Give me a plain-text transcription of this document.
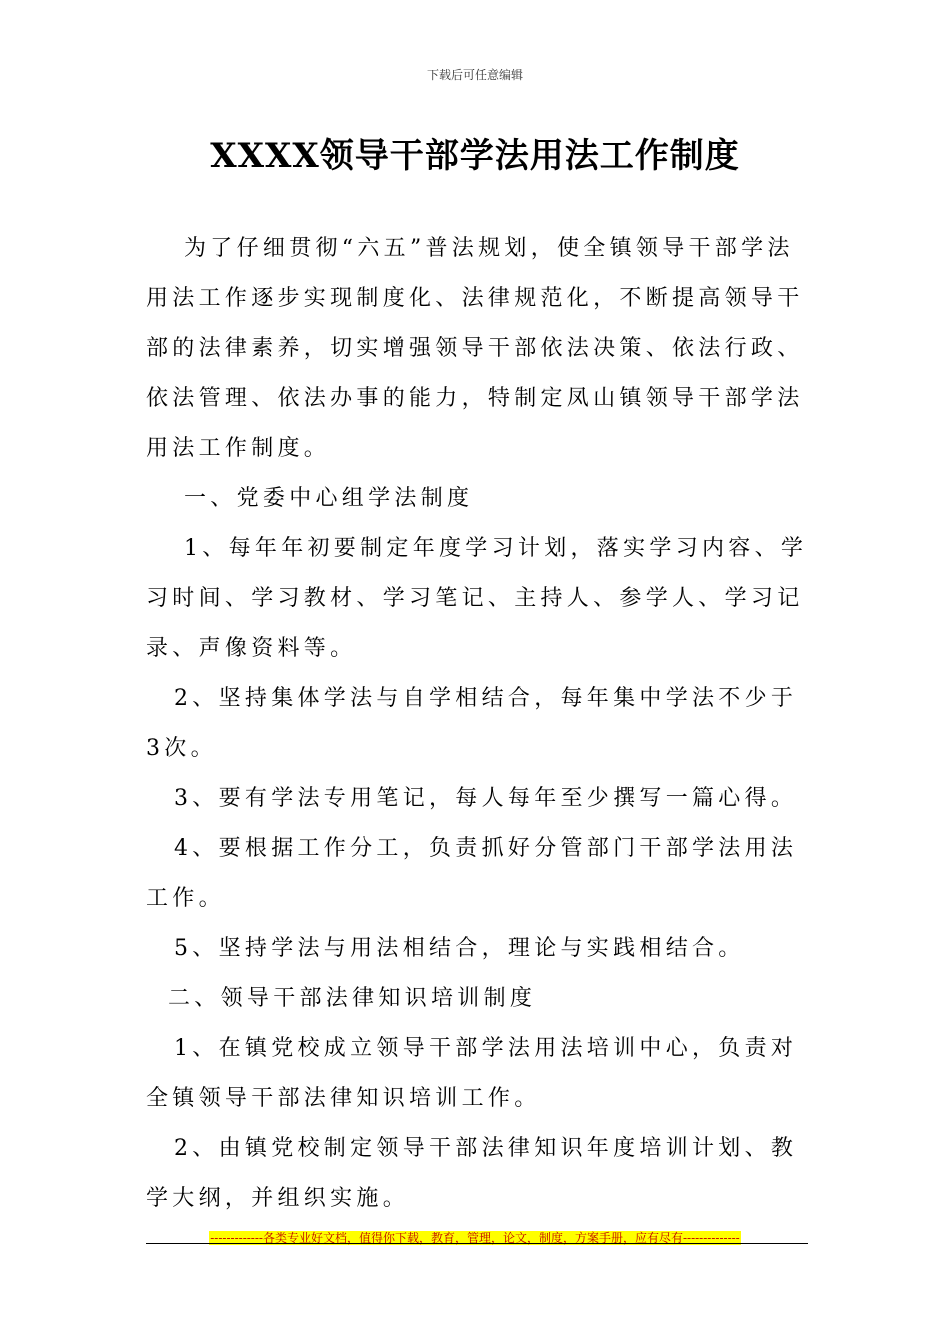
下载后可任意编辑
XXXX领导干部学法用法工作制度

为了仔细贯彻“六五”普法规划，使全镇领导干部学法用法工作逐步实现制度化、法律规范化，不断提高领导干部的法律素养，切实增强领导干部依法决策、依法行政、依法管理、依法办事的能力，特制定凤山镇领导干部学法用法工作制度。

一、党委中心组学法制度

1、每年年初要制定年度学习计划，落实学习内容、学习时间、学习教材、学习笔记、主持人、参学人、学习记录、声像资料等。

2、坚持集体学法与自学相结合，每年集中学法不少于3次。

3、要有学法专用笔记，每人每年至少撰写一篇心得。

4、要根据工作分工，负责抓好分管部门干部学法用法工作。

5、坚持学法与用法相结合，理论与实践相结合。

二、领导干部法律知识培训制度

1、在镇党校成立领导干部学法用法培训中心，负责对全镇领导干部法律知识培训工作。

2、由镇党校制定领导干部法律知识年度培训计划、教学大纲，并组织实施。

-------------各类专业好文档，值得你下载，教育，管理，论文，制度，方案手册，应有尽有--------------
